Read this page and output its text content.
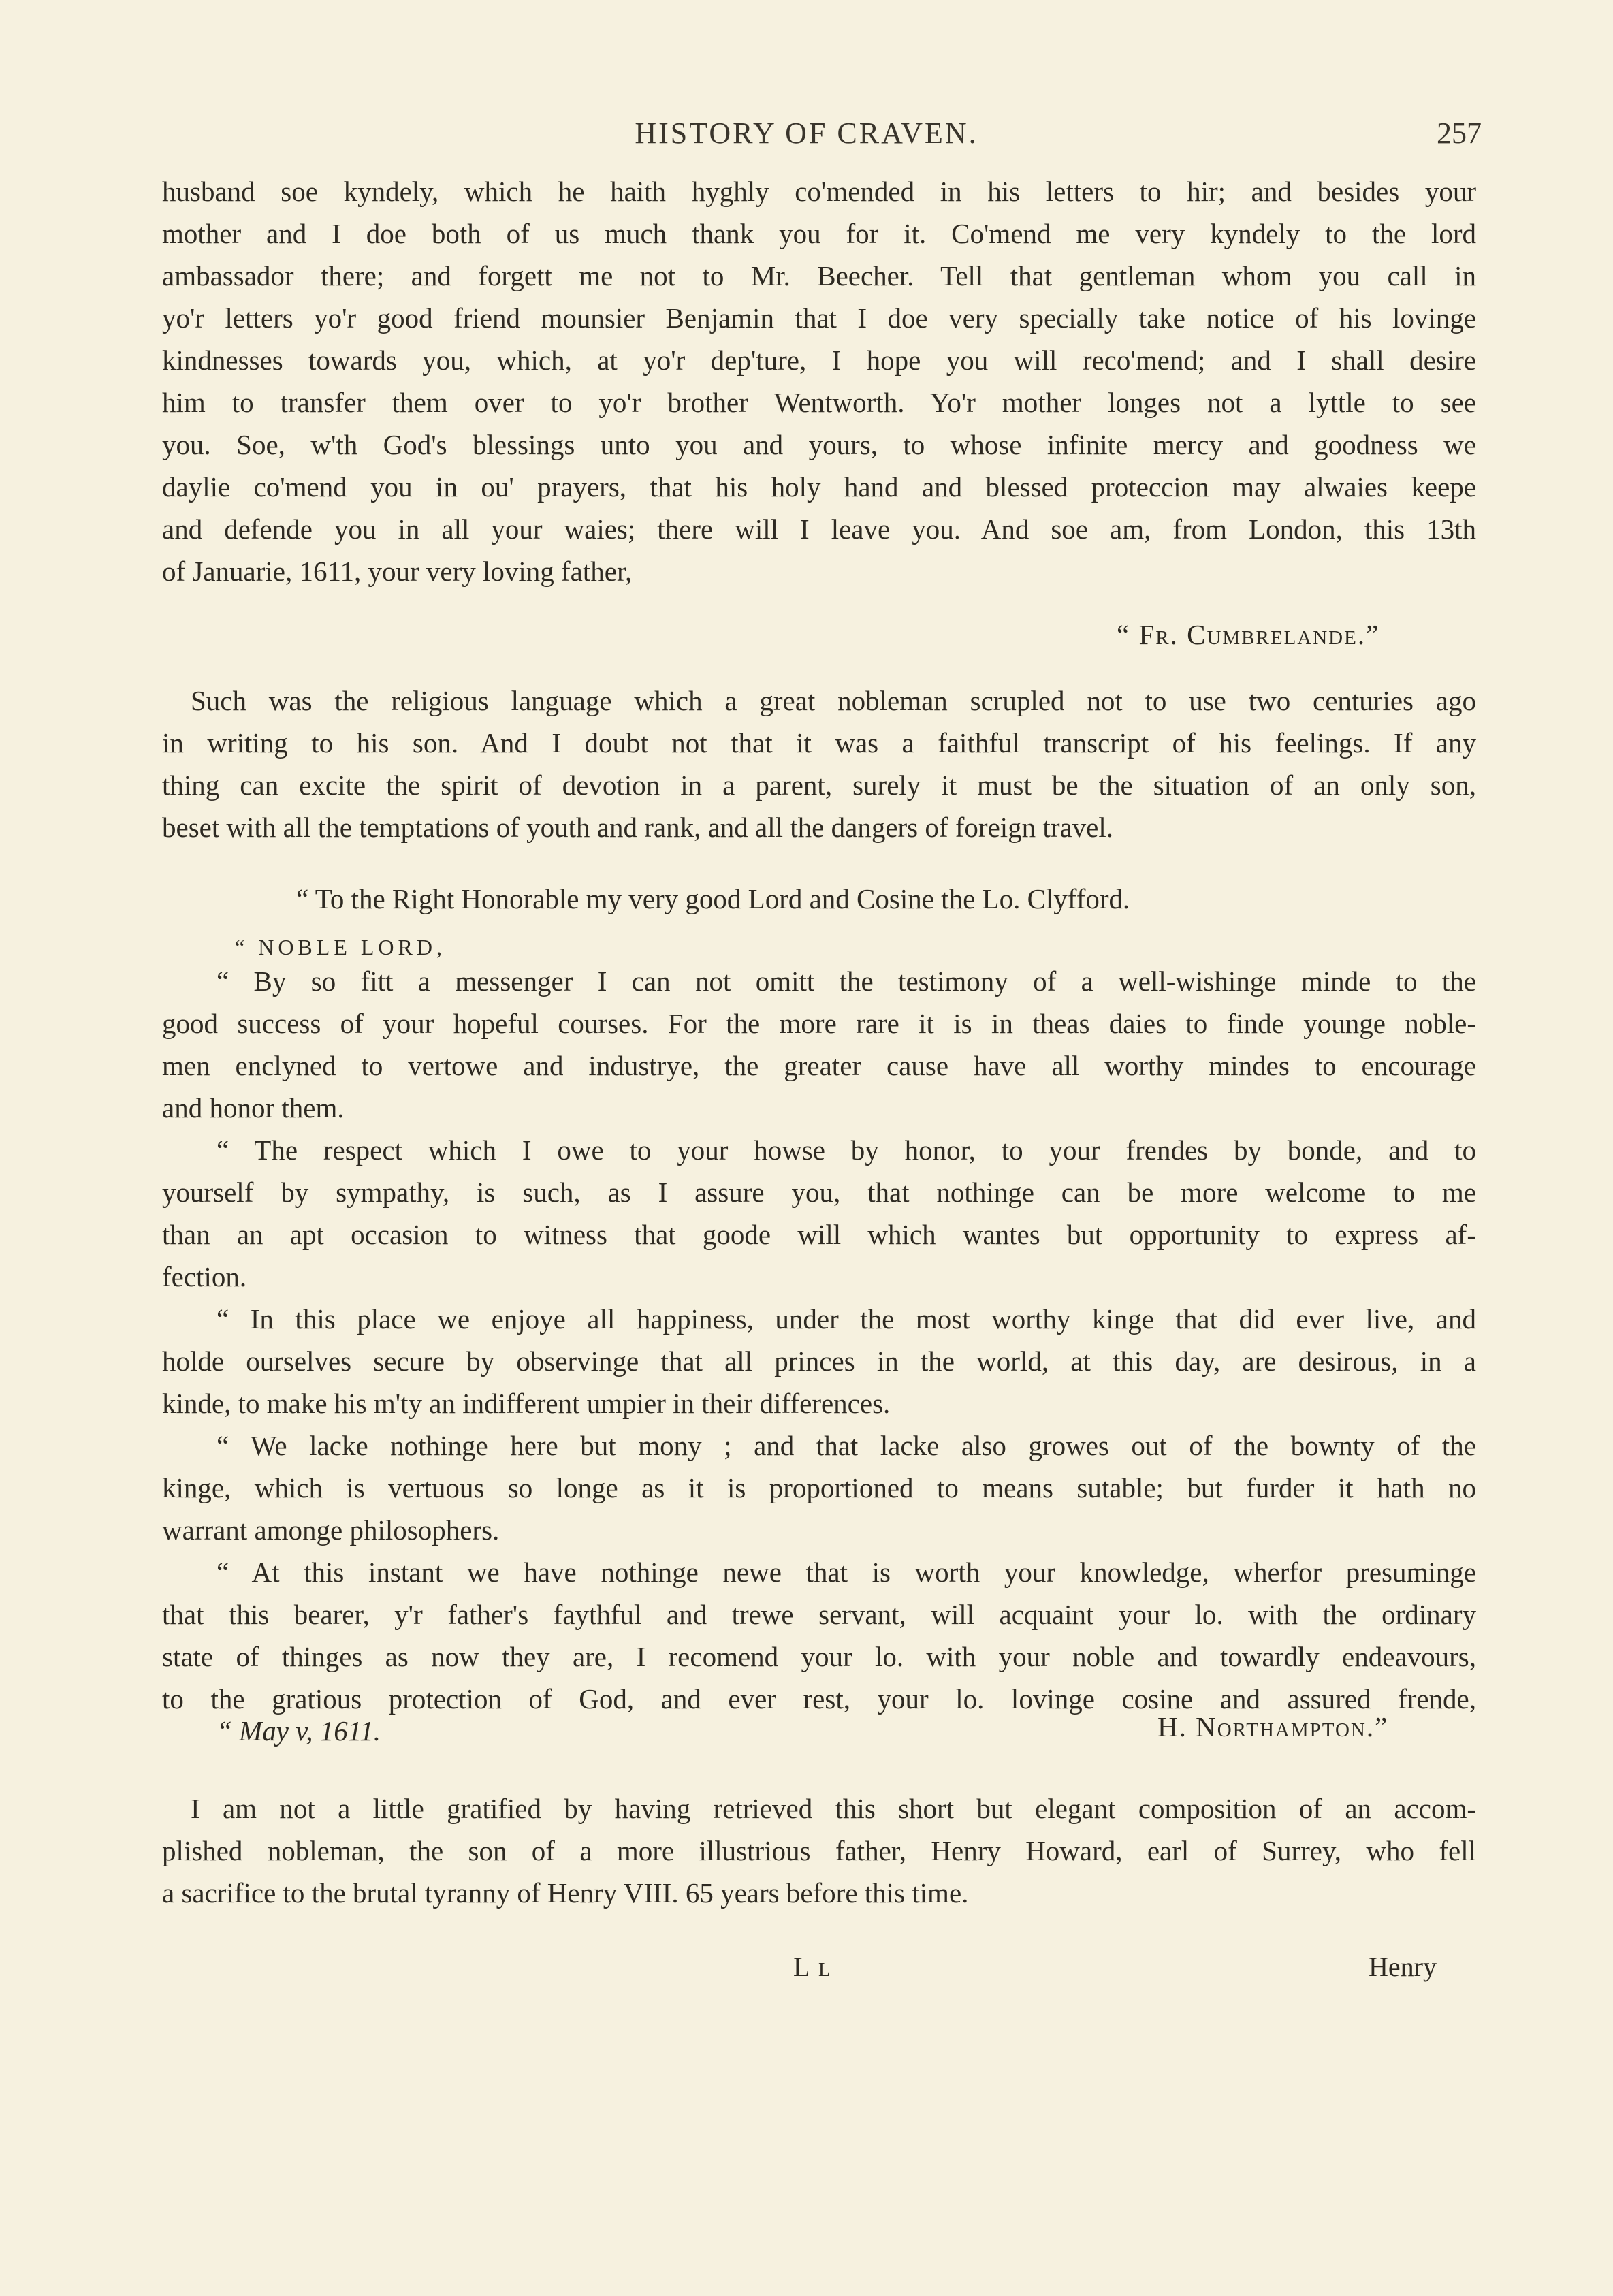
HISTORY OF CRAVEN.	257
husband soe kyndely, which he haith hyghly co'mended in his letters to hir; and besides your
mother and I doe both of us much thank you for it. Co'mend me very kyndely to the lord
ambassador there; and forgett me not to Mr. Beecher. Tell that gentleman whom you call in
yo'r letters yo'r good friend mounsier Benjamin that I doe very specially take notice of his lovinge
kindnesses towards you, which, at yo'r dep'ture, I hope you will reco'mend; and I shall desire
him to transfer them over to yo'r brother Wentworth. Yo'r mother longes not a lyttle to see
you. Soe, w'th God's blessings unto you and yours, to whose infinite mercy and goodness we
daylie co'mend you in ou' prayers, that his holy hand and blessed proteccion may alwaies keepe
and defende you in all your waies; there will I leave you. And soe am, from London, this 13th
of Januarie, 1611, your very loving father,
“ Fr. Cumbrelande.”
Such was the religious language which a great nobleman scrupled not to use two centuries ago
in writing to his son. And I doubt not that it was a faithful transcript of his feelings. If any
thing can excite the spirit of devotion in a parent, surely it must be the situation of an only son,
beset with all the temptations of youth and rank, and all the dangers of foreign travel.
“ To the Right Honorable my very good Lord and Cosine the Lo. Clyfford.
“ NOBLE LORD,
“ By so fitt a messenger I can not omitt the testimony of a well-wishinge minde to the
good success of your hopeful courses. For the more rare it is in theas daies to finde younge noble-
men enclyned to vertowe and industrye, the greater cause have all worthy mindes to encourage
and honor them.
“ The respect which I owe to your howse by honor, to your frendes by bonde, and to
yourself by sympathy, is such, as I assure you, that nothinge can be more welcome to me
than an apt occasion to witness that goode will which wantes but opportunity to express af-
fection.
“ In this place we enjoye all happiness, under the most worthy kinge that did ever live, and
holde ourselves secure by observinge that all princes in the world, at this day, are desirous, in a
kinde, to make his m'ty an indifferent umpier in their differences.
“ We lacke nothinge here but mony ; and that lacke also growes out of the bownty of the
kinge, which is vertuous so longe as it is proportioned to means sutable; but furder it hath no
warrant amonge philosophers.
“ At this instant we have nothinge newe that is worth your knowledge, wherfor presuminge
that this bearer, y'r father's faythful and trewe servant, will acquaint your lo. with the ordinary
state of thinges as now they are, I recomend your lo. with your noble and towardly endeavours,
to the gratious protection of God, and ever rest, your lo. lovinge cosine and assured frende,
“ May v, 1611.	H. Northampton.”
I am not a little gratified by having retrieved this short but elegant composition of an accom-
plished nobleman, the son of a more illustrious father, Henry Howard, earl of Surrey, who fell
a sacrifice to the brutal tyranny of Henry VIII. 65 years before this time.
L l	Henry
